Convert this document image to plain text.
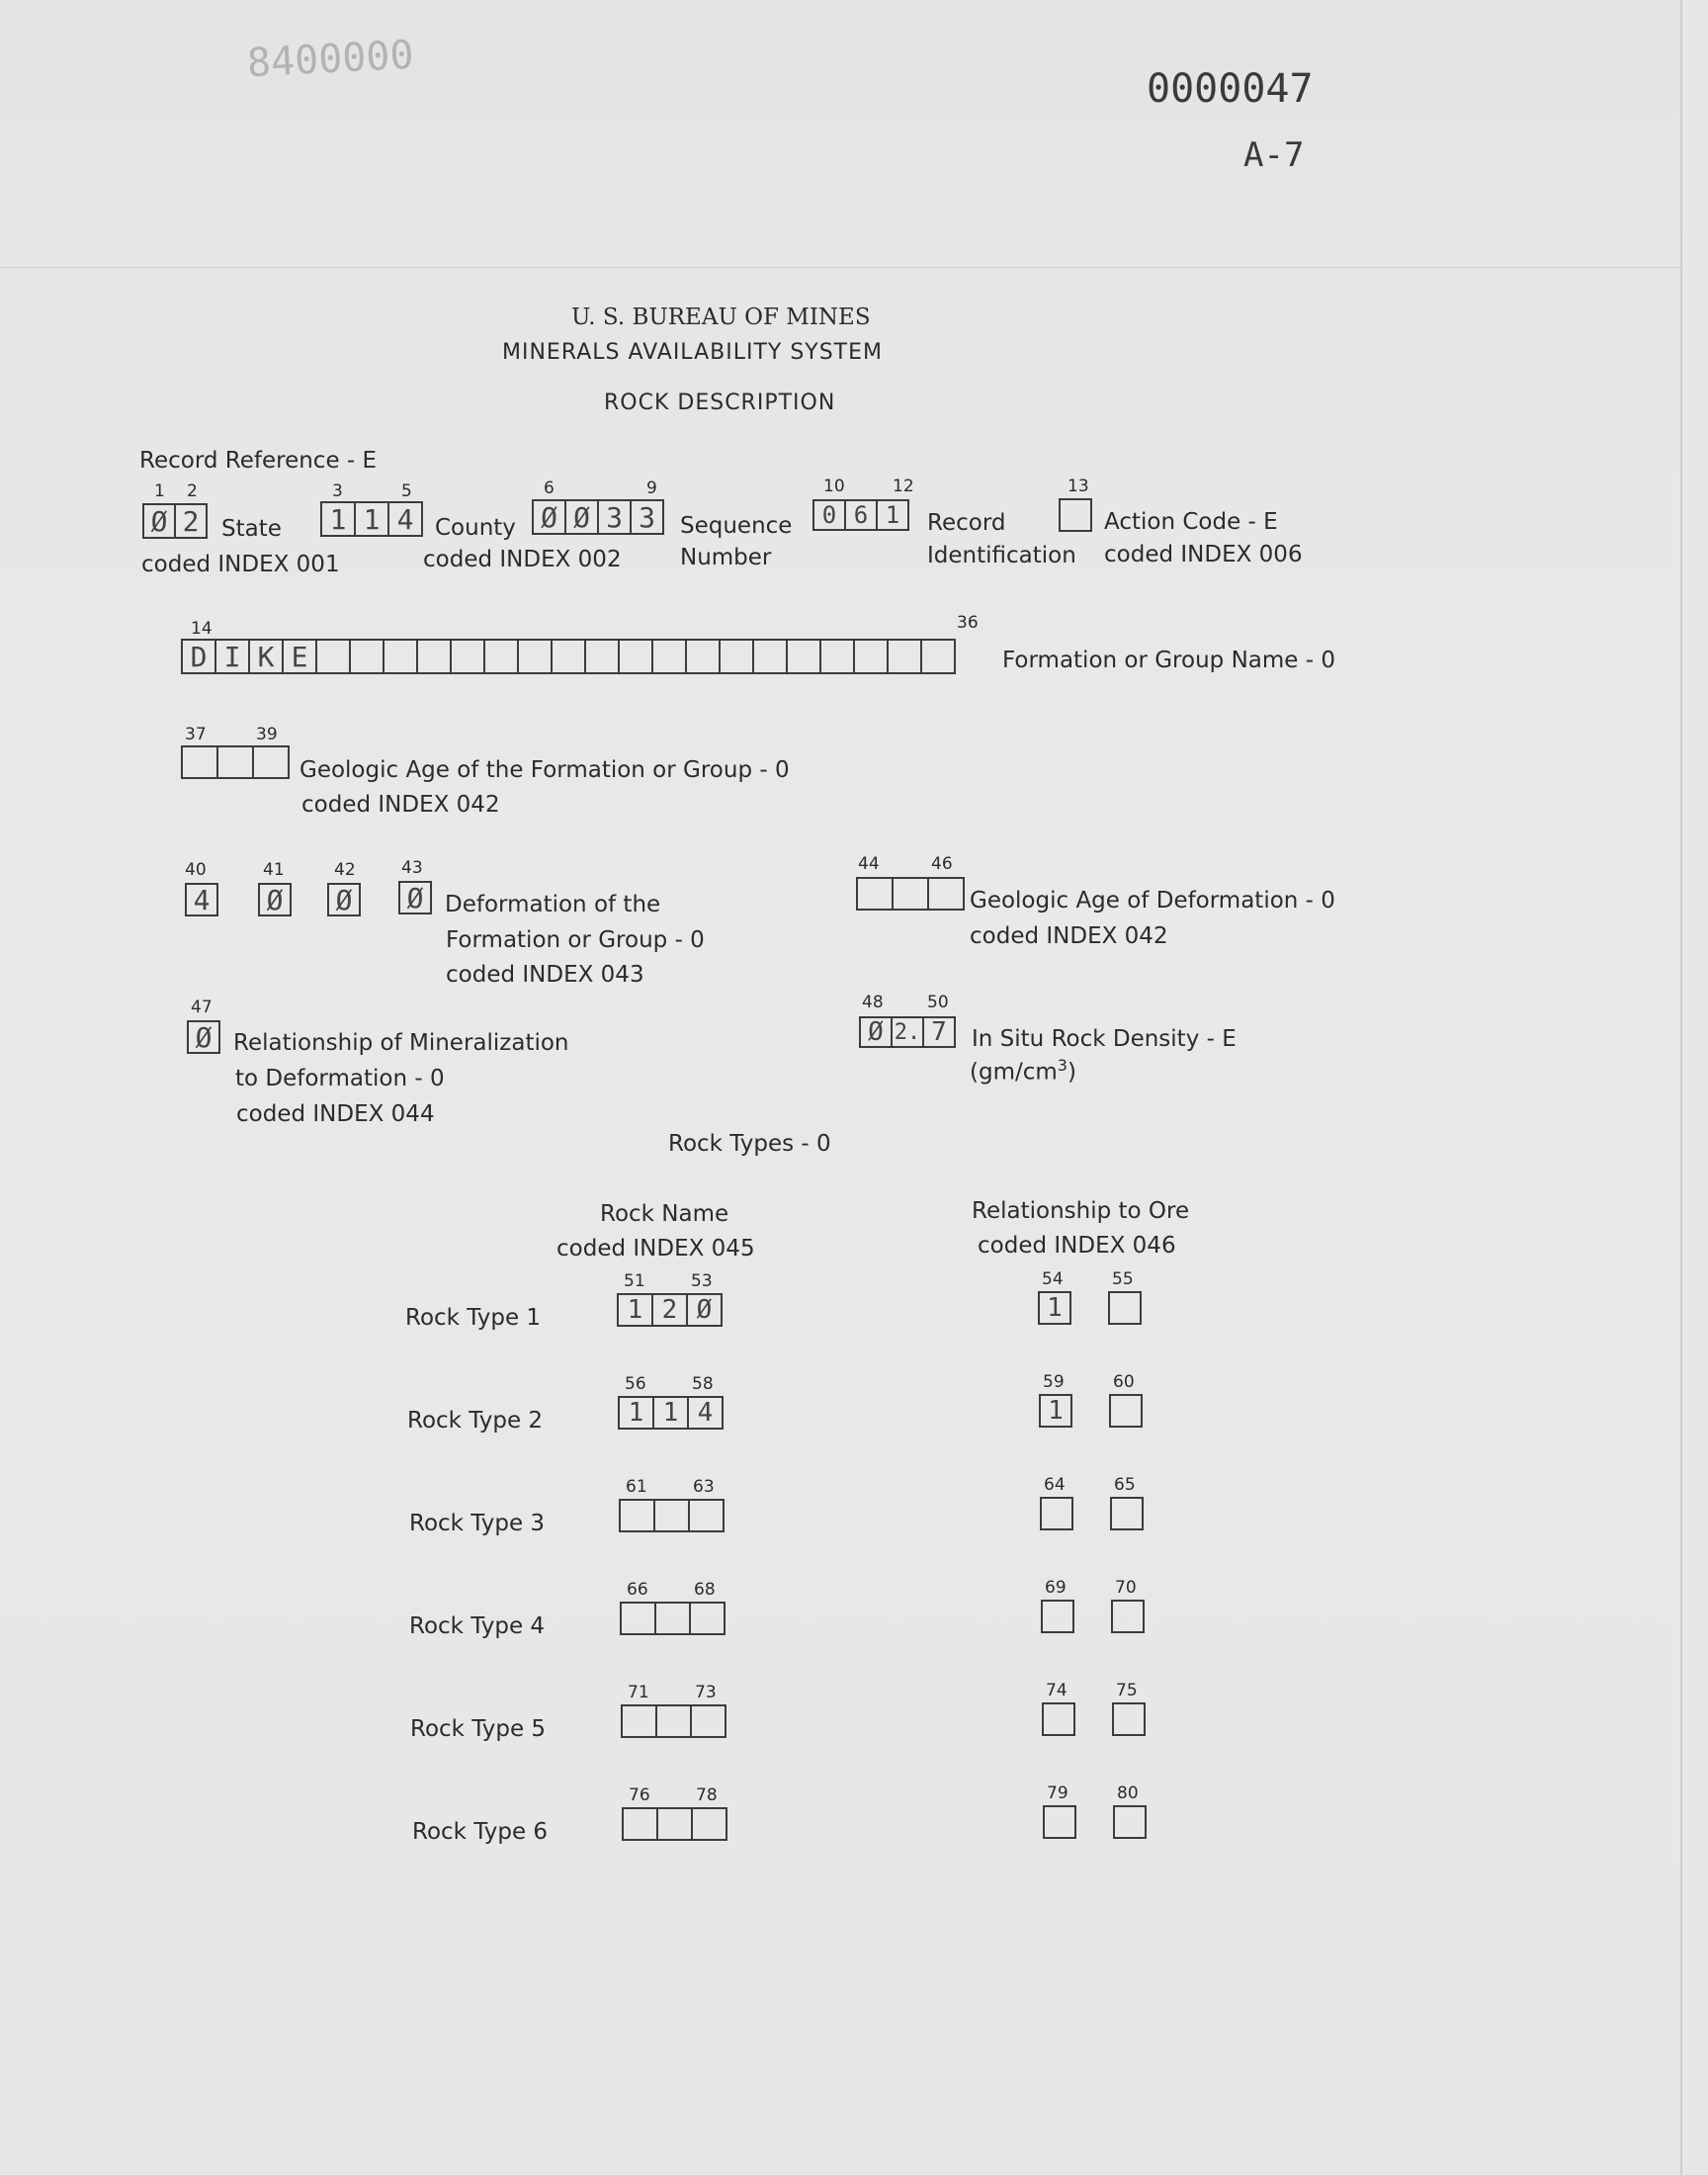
8400000
0000047
A-7
U. S. BUREAU OF MINES
MINERALS AVAILABILITY SYSTEM
ROCK DESCRIPTION
Record Reference - E
1 2
Ø 2 State
coded INDEX 001
3	5
1 1 4 County
coded INDEX 002
6	9
Ø Ø 3 3	Sequence
Number
10	12
0 6 1	Record
Identification
13
Action Code - E
coded INDEX 006
14	36
D I K E	Formation or Group Name - 0
37	39
Geologic Age of the Formation or Group - 0
coded INDEX 042
40
4
41
Ø
42
Ø
43
Ø Deformation of the
Formation or Group - 0
coded INDEX 043
44	46
Geologic Age of Deformation - 0
coded INDEX 042
47
Ø Relationship of Mineralization
to Deformation - 0
coded INDEX 044
48	50
Ø 2. 7	In Situ Rock Density - E
$(gm/cm^3)$
Rock Types - 0
Rock Name
coded INDEX 045
Relationship to Ore
coded INDEX 046
Rock Type 1
51	53
1 2 Ø
54
1
55
Rock Type 2
56	58
1 1 4
59
1
60
Rock Type 3
61	63	64	65
Rock Type 4
66	68	69	70
Rock Type 5
71	73	74	75
Rock Type 6
76	78	79	80
